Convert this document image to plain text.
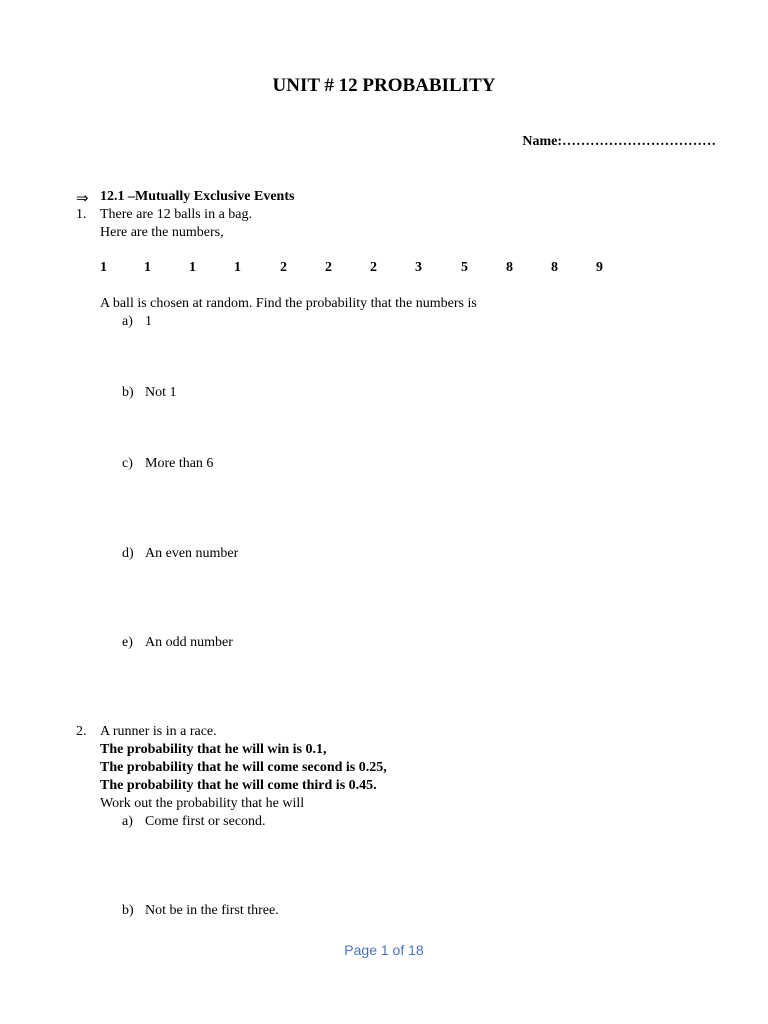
UNIT # 12 PROBABILITY
Name:……………………………
⇒ 12.1 –Mutually Exclusive Events
1. There are 12 balls in a bag.
Here are the numbers,
1	1	1	1	2	2	2	3	5	8	8	9
A ball is chosen at random. Find the probability that the numbers is
a) 1
b) Not 1
c) More than 6
d) An even number
e) An odd number
2. A runner is in a race.
The probability that he will win is 0.1,
The probability that he will come second is 0.25,
The probability that he will come third is 0.45.
Work out the probability that he will
a) Come first or second.
b) Not be in the first three.
Page 1 of 18
